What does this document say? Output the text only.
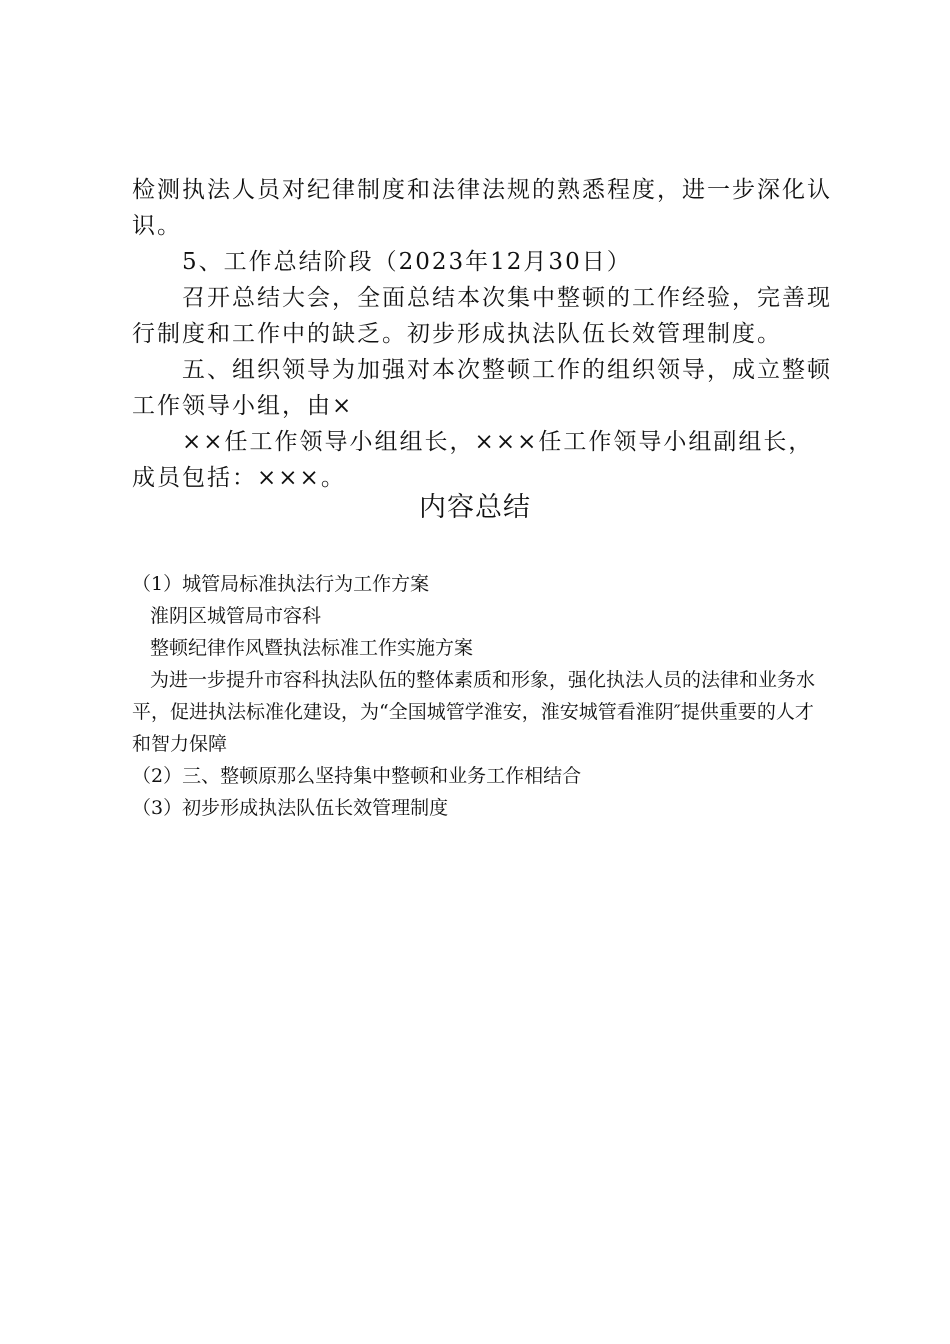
检测执法人员对纪律制度和法律法规的熟悉程度，进一步深化认识。

5、工作总结阶段（2023年12月30日）

召开总结大会，全面总结本次集中整顿的工作经验，完善现行制度和工作中的缺乏。初步形成执法队伍长效管理制度。

五、组织领导为加强对本次整顿工作的组织领导，成立整顿工作领导小组，由×

××任工作领导小组组长，×××任工作领导小组副组长，成员包括：×××。

内容总结

（1）城管局标准执法行为工作方案

淮阴区城管局市容科

整顿纪律作风暨执法标准工作实施方案

为进一步提升市容科执法队伍的整体素质和形象，强化执法人员的法律和业务水平，促进执法标准化建设，为“全国城管学淮安，淮安城管看淮阴″提供重要的人才和智力保障

（2）三、整顿原那么坚持集中整顿和业务工作相结合

（3）初步形成执法队伍长效管理制度
